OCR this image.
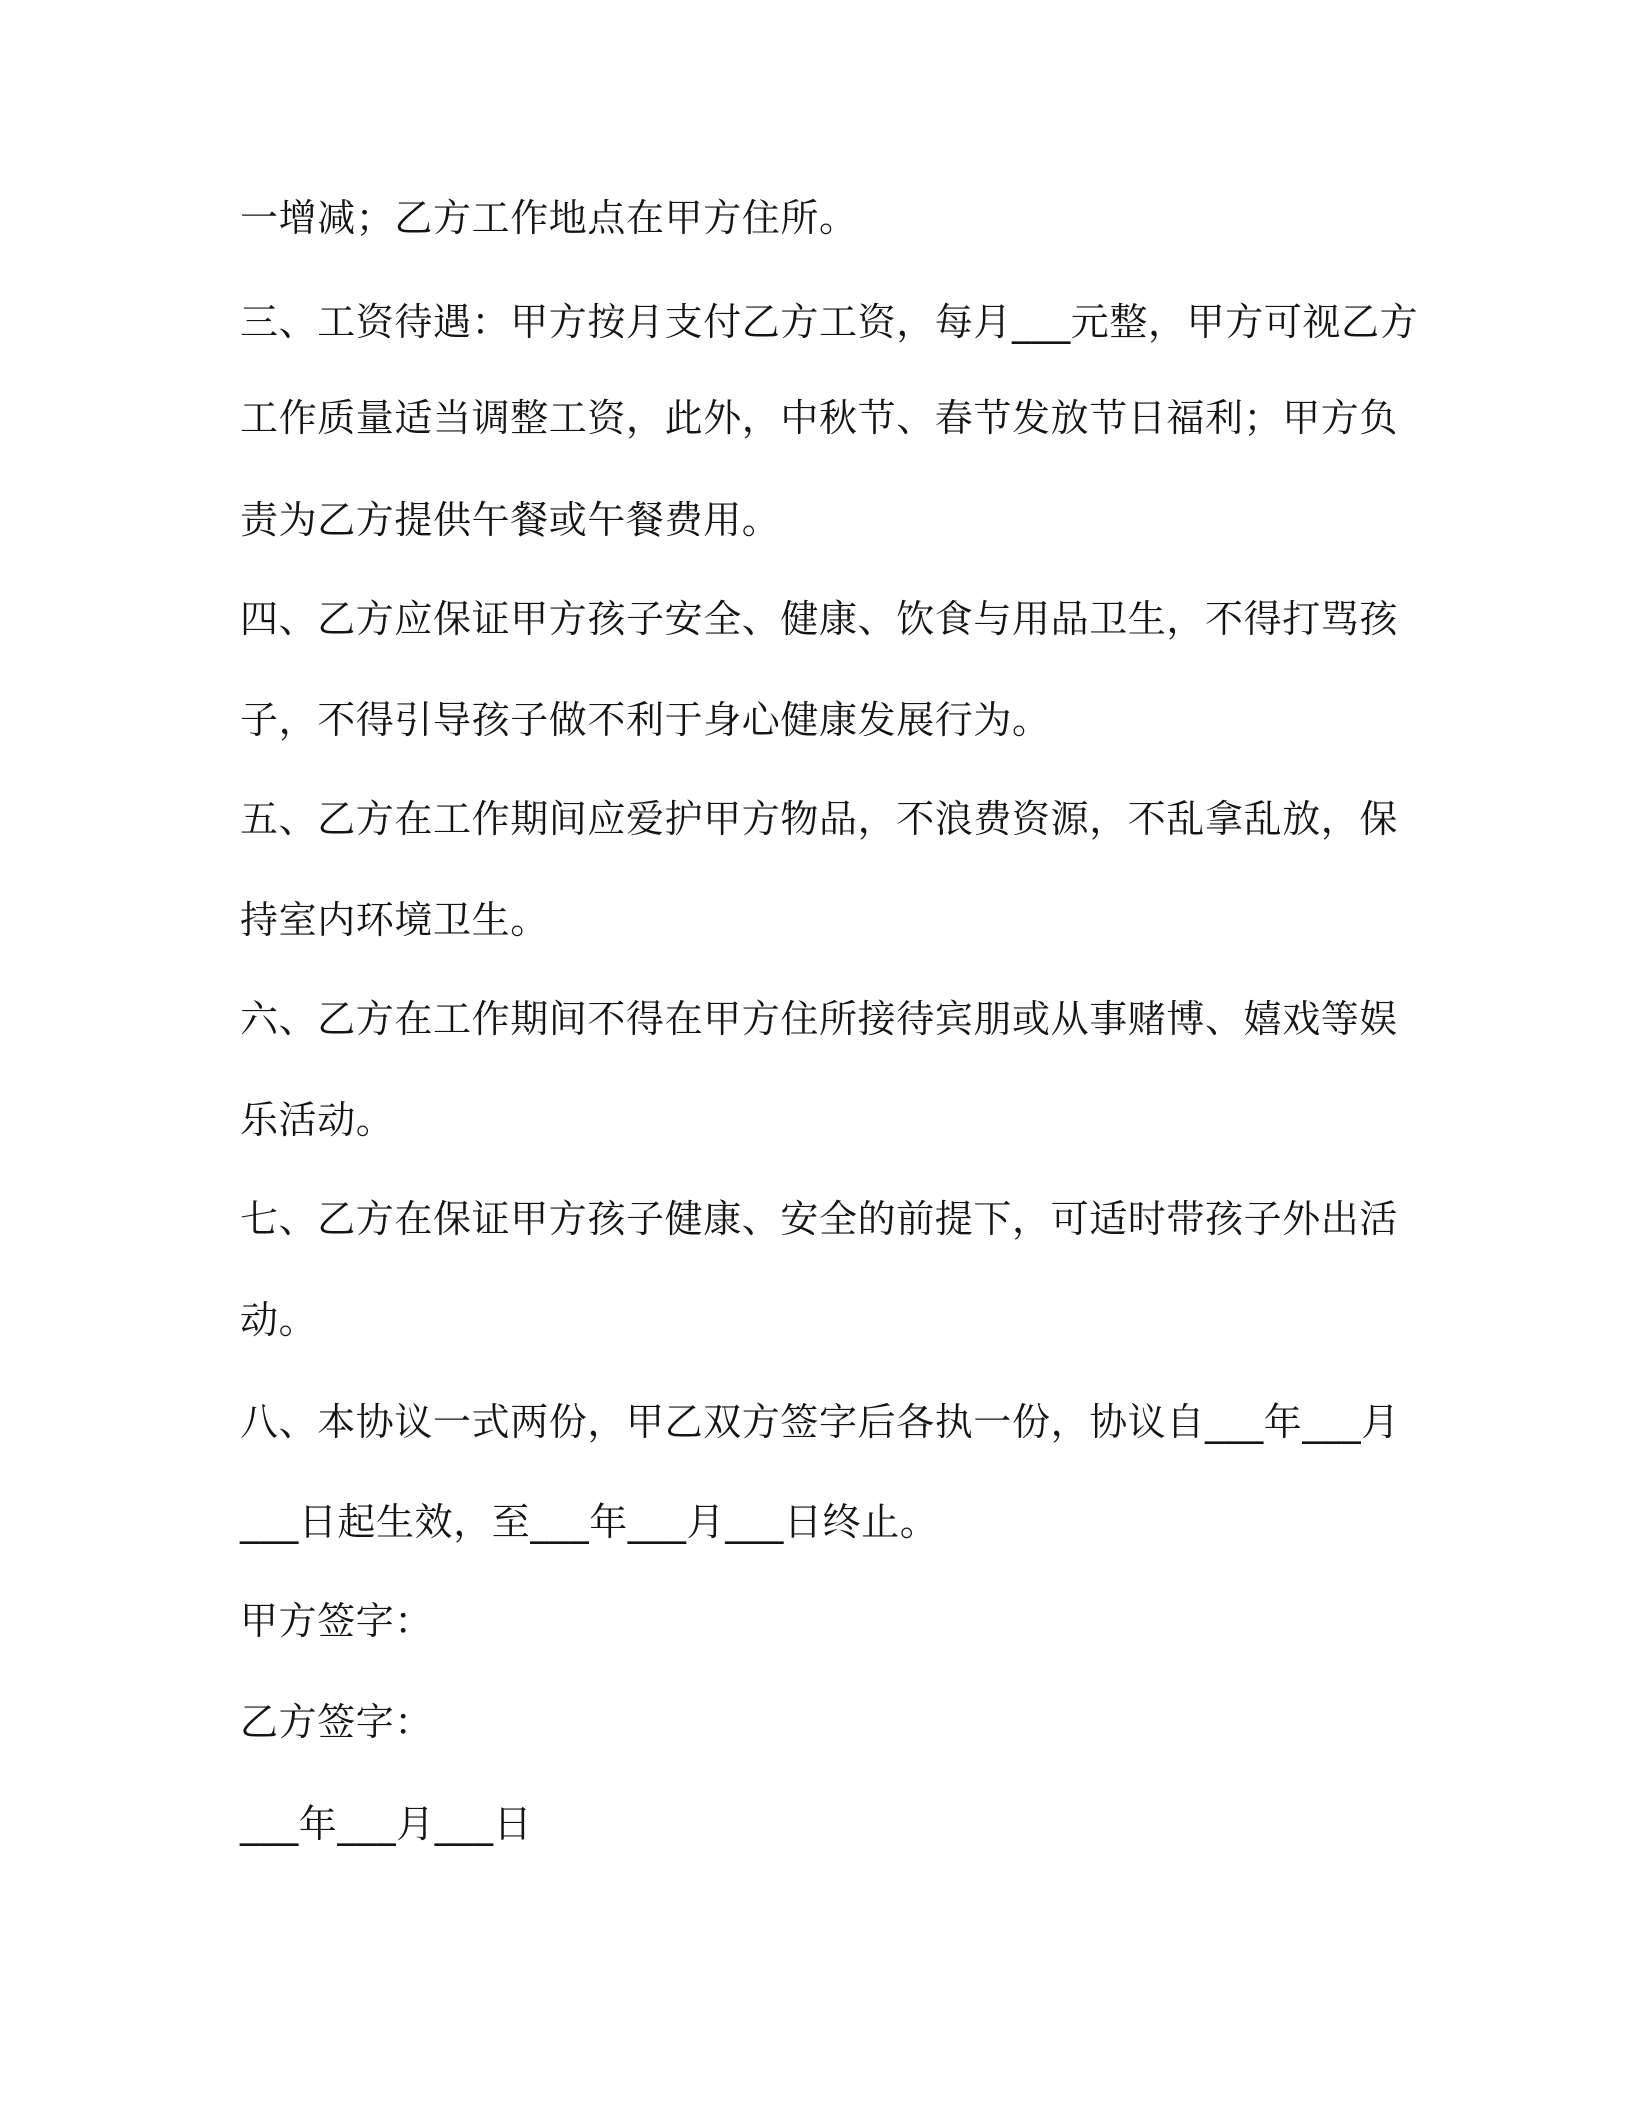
一增减；乙方工作地点在甲方住所。

三、工资待遇：甲方按月支付乙方工资，每月___元整，甲方可视乙方

工作质量适当调整工资，此外，中秋节、春节发放节日福利；甲方负

责为乙方提供午餐或午餐费用。

四、乙方应保证甲方孩子安全、健康、饮食与用品卫生，不得打骂孩

子，不得引导孩子做不利于身心健康发展行为。

五、乙方在工作期间应爱护甲方物品，不浪费资源，不乱拿乱放，保

持室内环境卫生。

六、乙方在工作期间不得在甲方住所接待宾朋或从事赌博、嬉戏等娱

乐活动。

七、乙方在保证甲方孩子健康、安全的前提下，可适时带孩子外出活

动。

八、本协议一式两份，甲乙双方签字后各执一份，协议自___年___月

___日起生效，至___年___月___日终止。

甲方签字：

乙方签字：

___年___月___日
